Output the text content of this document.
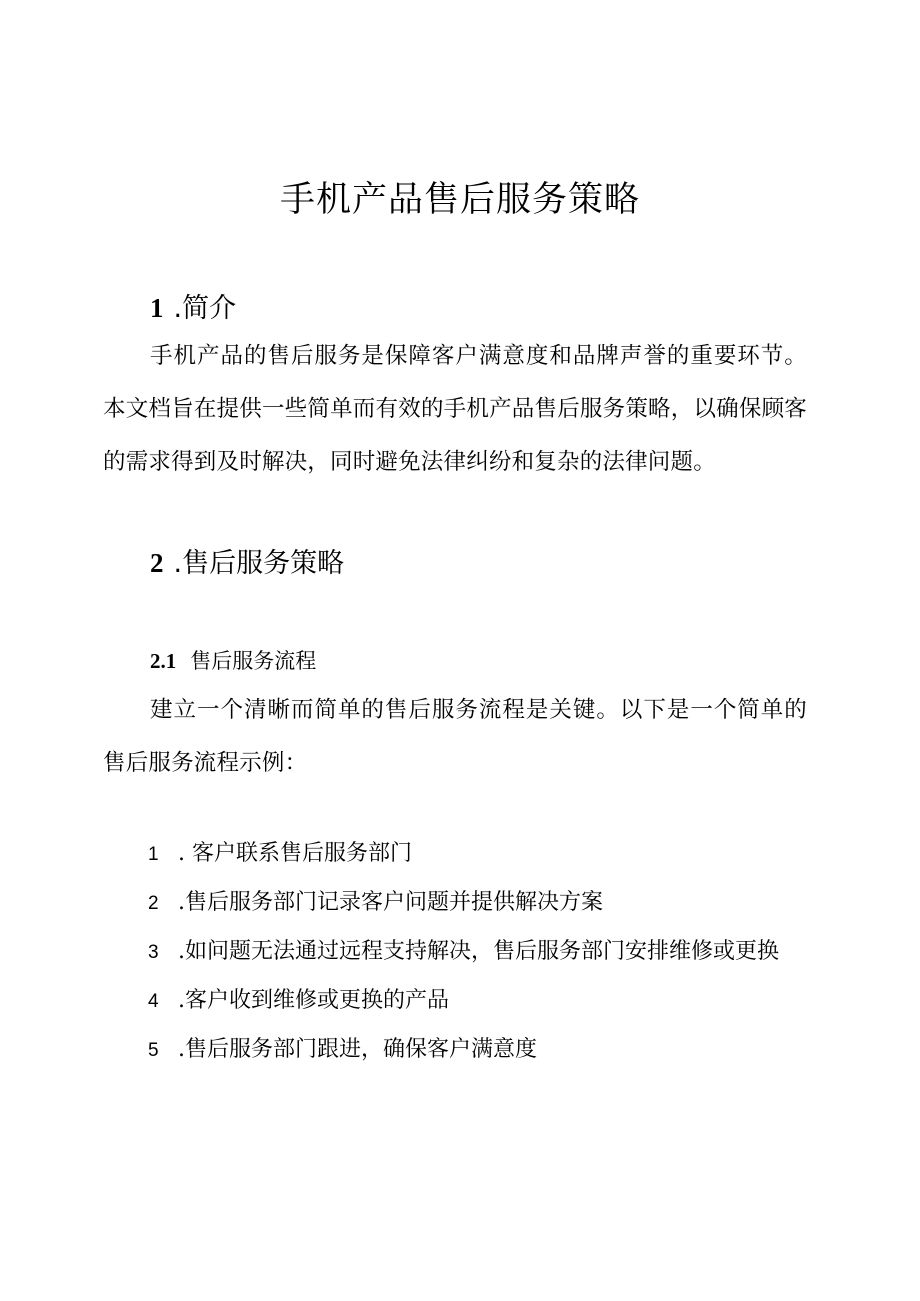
手机产品售后服务策略
1 .简介

手机产品的售后服务是保障客户满意度和品牌声誉的重要环节。本文档旨在提供一些简单而有效的手机产品售后服务策略，以确保顾客的需求得到及时解决，同时避免法律纠纷和复杂的法律问题。

2 .售后服务策略
2.1 售后服务流程

建立一个清晰而简单的售后服务流程是关键。以下是一个简单的售后服务流程示例：

1 . 客户联系售后服务部门
2 .售后服务部门记录客户问题并提供解决方案
3 .如问题无法通过远程支持解决，售后服务部门安排维修或更换
4 .客户收到维修或更换的产品
5 .售后服务部门跟进，确保客户满意度
